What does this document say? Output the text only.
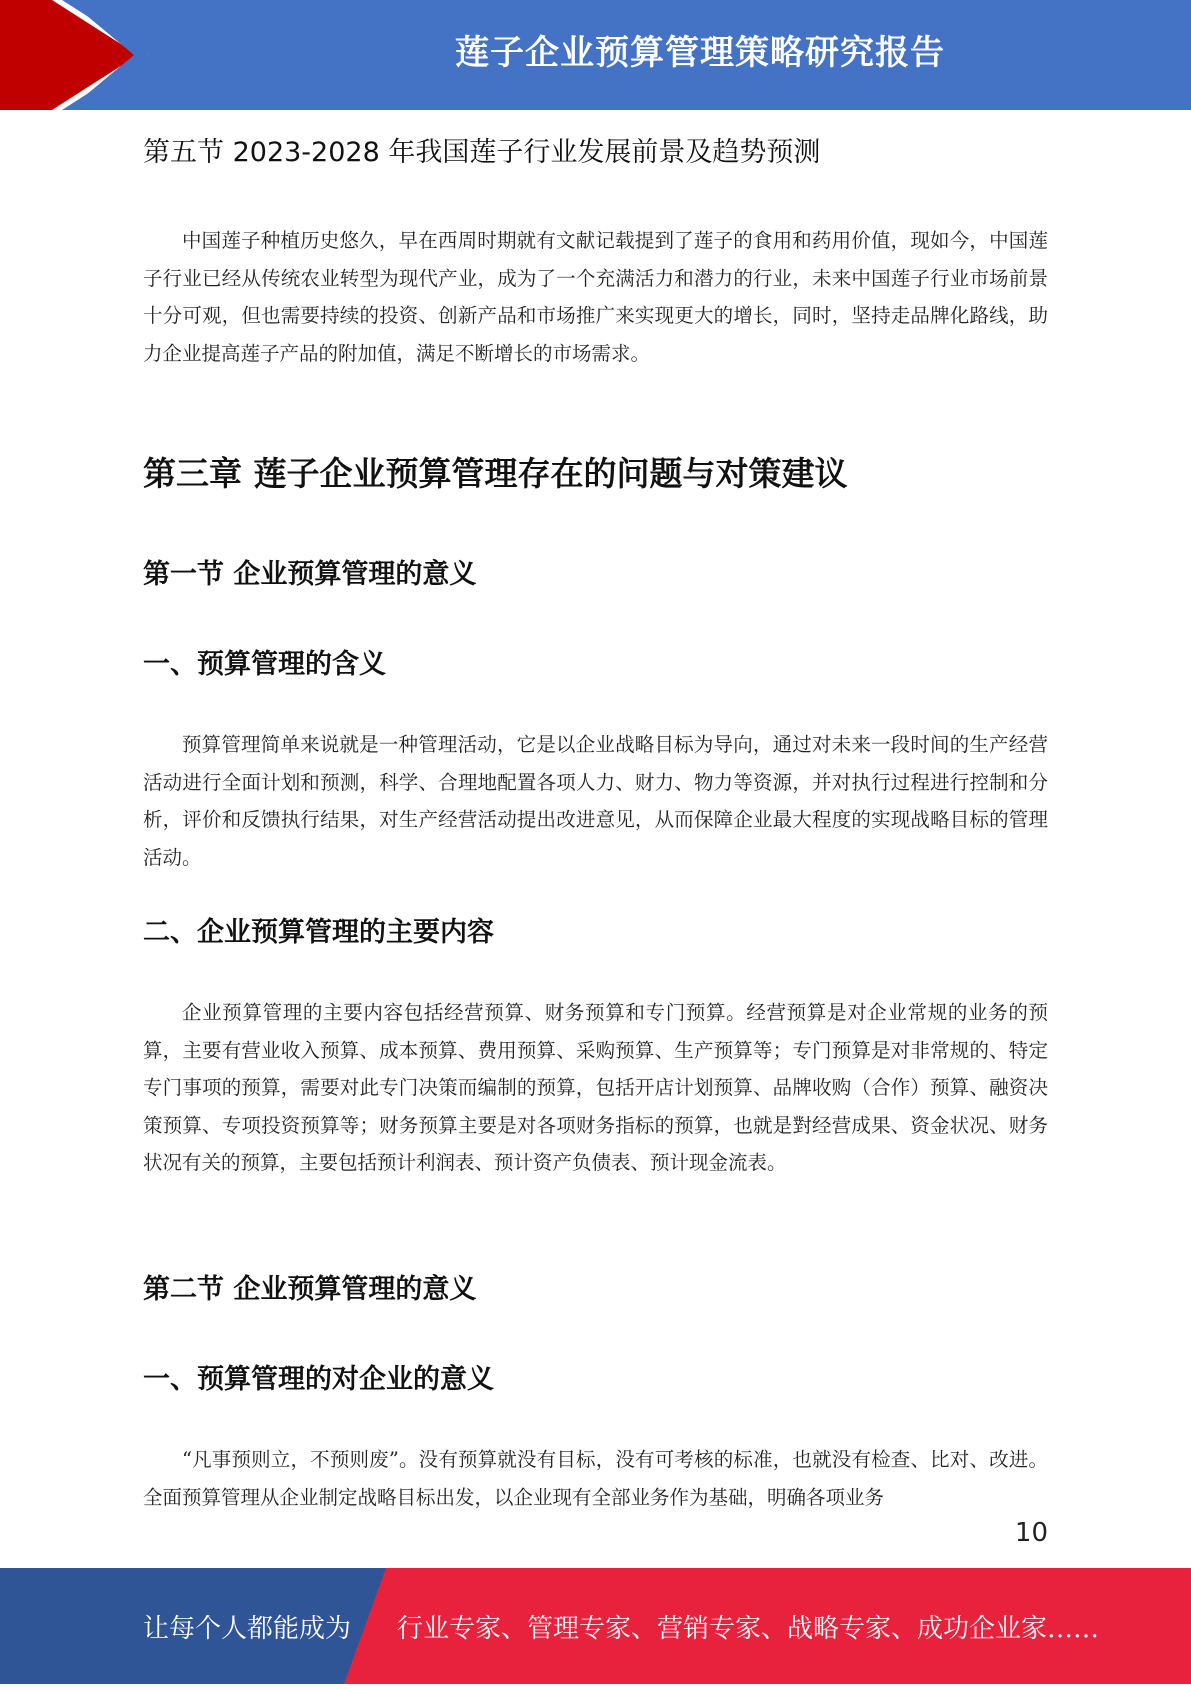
莲子企业预算管理策略研究报告
第五节 2023-2028 年我国莲子行业发展前景及趋势预测

中国莲子种植历史悠久，早在西周时期就有文献记载提到了莲子的食用和药用价值，现如今，中国莲子行业已经从传统农业转型为现代产业，成为了一个充满活力和潜力的行业，未来中国莲子行业市场前景十分可观，但也需要持续的投资、创新产品和市场推广来实现更大的增长，同时，坚持走品牌化路线，助力企业提高莲子产品的附加值，满足不断增长的市场需求。

第三章 莲子企业预算管理存在的问题与对策建议
第一节 企业预算管理的意义
一、预算管理的含义

预算管理简单来说就是一种管理活动，它是以企业战略目标为导向，通过对未来一段时间的生产经营活动进行全面计划和预测，科学、合理地配置各项人力、财力、物力等资源，并对执行过程进行控制和分析，评价和反馈执行结果，对生产经营活动提出改进意见，从而保障企业最大程度的实现战略目标的管理活动。

二、企业预算管理的主要内容

企业预算管理的主要内容包括经营预算、财务预算和专门预算。经营预算是对企业常规的业务的预算，主要有营业收入预算、成本预算、费用预算、采购预算、生产预算等；专门预算是对非常规的、特定专门事项的预算，需要对此专门决策而编制的预算，包括开店计划预算、品牌收购（合作）预算、融资决策预算、专项投资预算等；财务预算主要是对各项财务指标的预算，也就是對经营成果、资金状况、财务状况有关的预算，主要包括预计利润表、预计资产负债表、预计现金流表。

第二节 企业预算管理的意义
一、预算管理的对企业的意义

“凡事预则立，不预则废”。没有预算就没有目标，没有可考核的标准，也就没有检查、比对、改进。全面预算管理从企业制定战略目标出发，以企业现有全部业务作为基础，明确各项业务

10
让每个人都能成为 行业专家、管理专家、营销专家、战略专家、成功企业家……
